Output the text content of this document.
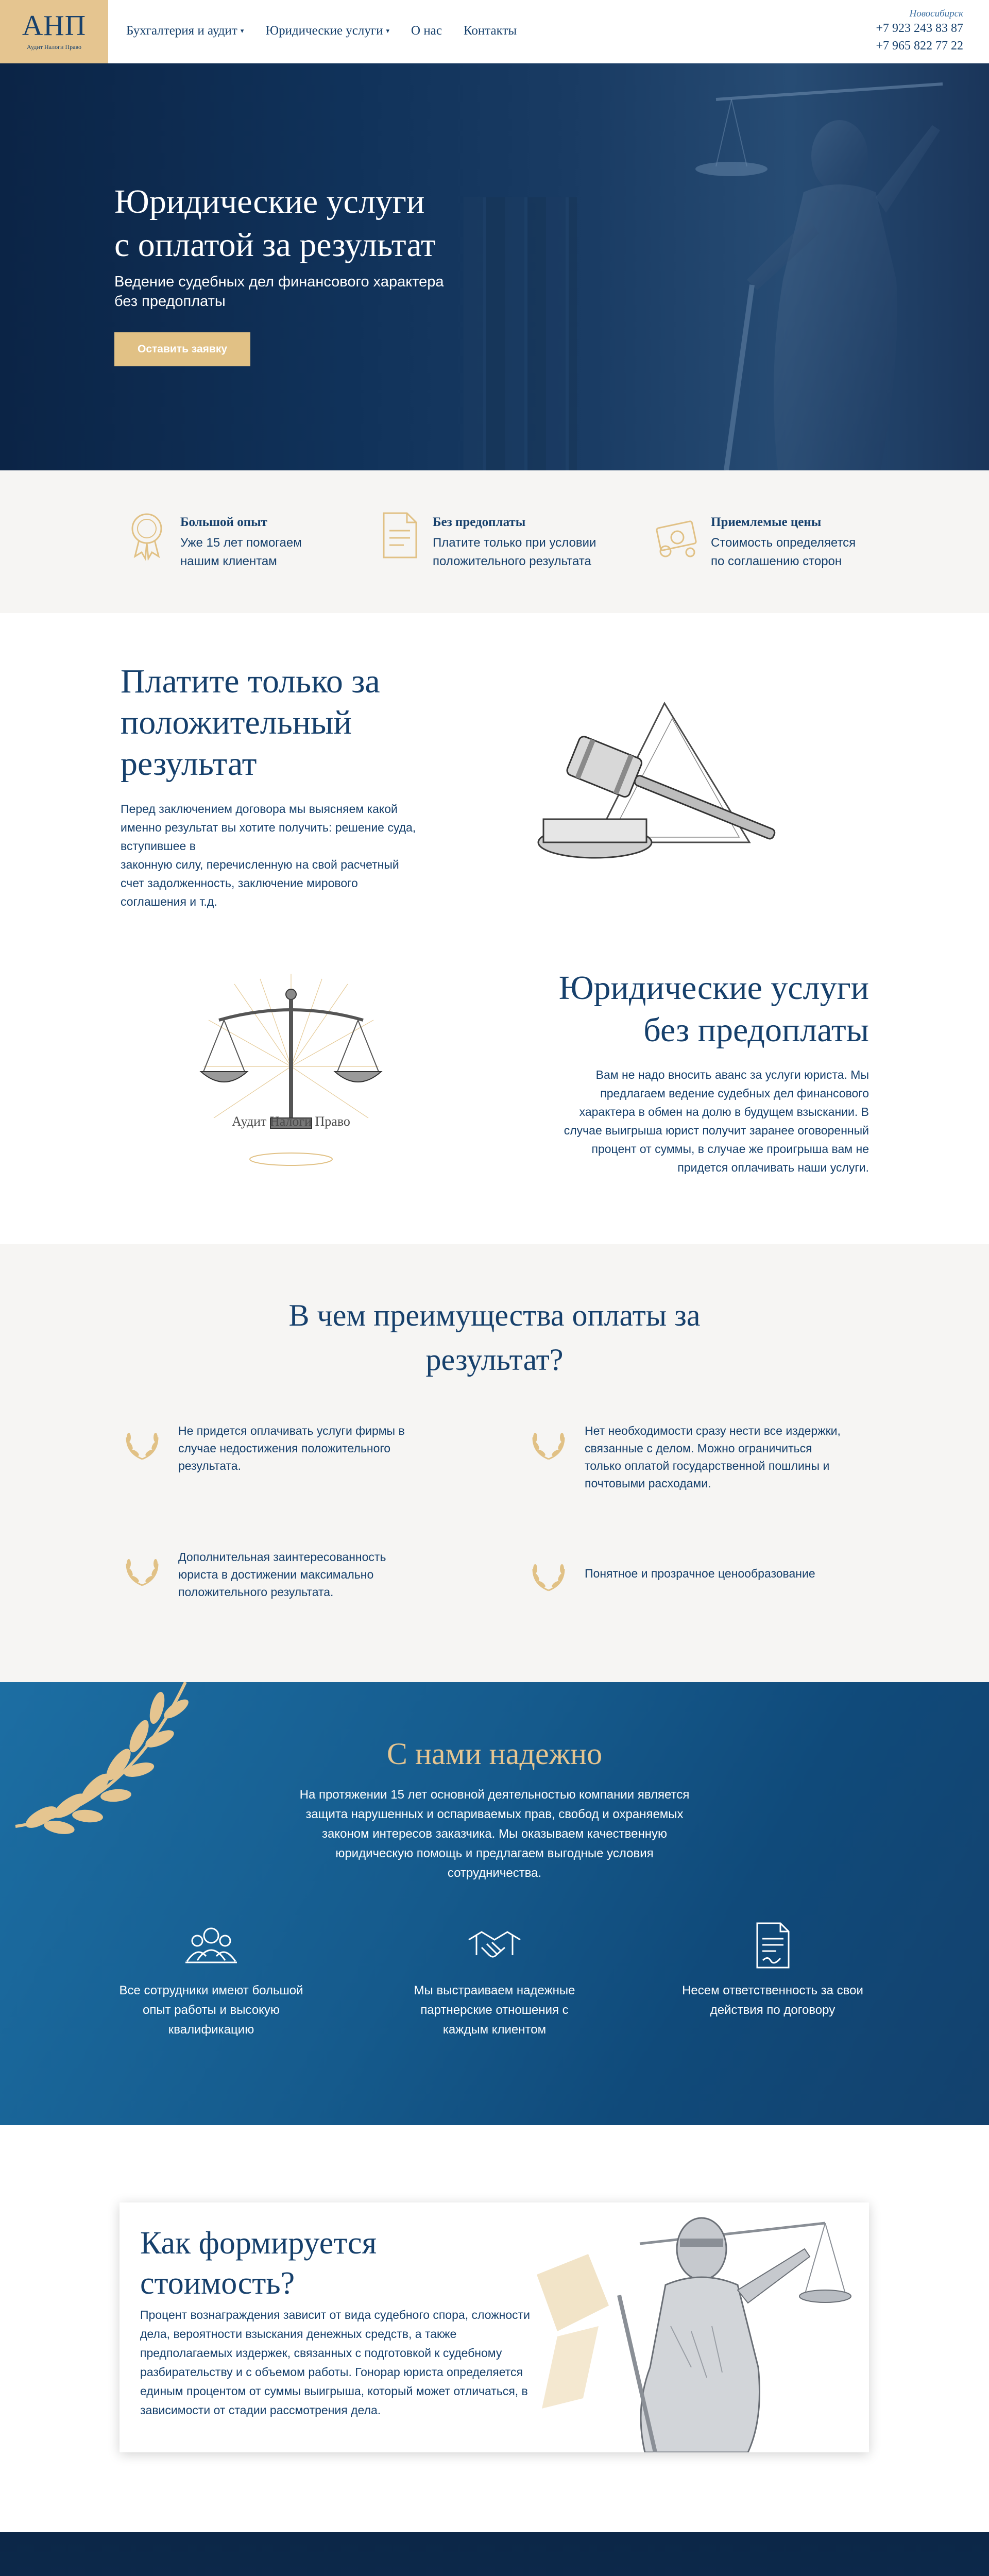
АНП
Аудит Налоги Право
Бухгалтерия и аудит ▾ Юридические услуги ▾ О нас Контакты
Новосибирск
+7 923 243 83 87
+7 965 822 77 22
Юридические услуги
с оплатой за результат
Ведение судебных дел финансового характера
без предоплаты
Оставить заявку
Большой опыт
Уже 15 лет помогаем
нашим клиентам
Без предоплаты
Платите только при условии
положительного результата
Приемлемые цены
Стоимость определяется
по соглашению сторон
Платите только за
положительный
результат
Перед заключением договора мы выясняем какой
именно результат вы хотите получить: решение суда,
вступившее в
законную силу, перечисленную на свой расчетный
счет задолженность, заключение мирового
соглашения и т.д.
Аудит Налоги Право
Юридические услуги
без предоплаты
Вам не надо вносить аванс за услуги юриста. Мы
предлагаем ведение судебных дел финансового
характера в обмен на долю в будущем взыскании. В
случае выигрыша юрист получит заранее оговоренный
процент от суммы, в случае же проигрыша вам не
придется оплачивать наши услуги.
В чем преимущества оплаты за
результат?
Не придется оплачивать услуги фирмы в
случае недостижения положительного
результата.
Нет необходимости сразу нести все издержки,
связанные с делом. Можно ограничиться
только оплатой государственной пошлины и
почтовыми расходами.
Дополнительная заинтересованность
юриста в достижении максимально
положительного результата.
Понятное и прозрачное ценообразование
С нами надежно
На протяжении 15 лет основной деятельностью компании является
защита нарушенных и оспариваемых прав, свобод и охраняемых
законом интересов заказчика. Мы оказываем качественную
юридическую помощь и предлагаем выгодные условия
сотрудничества.
Все сотрудники имеют большой
опыт работы и высокую
квалификацию
Мы выстраиваем надежные
партнерские отношения с
каждым клиентом
Несем ответственность за свои
действия по договору
Как формируется
стоимость?
Процент вознаграждения зависит от вида судебного спора, сложности
дела, вероятности взыскания денежных средств, а также
предполагаемых издержек, связанных с подготовкой к судебному
разбирательству и с объемом работы. Гонорар юриста определяется
единым процентом от суммы выигрыша, который может отличаться, в
зависимости от стадии рассмотрения дела.
